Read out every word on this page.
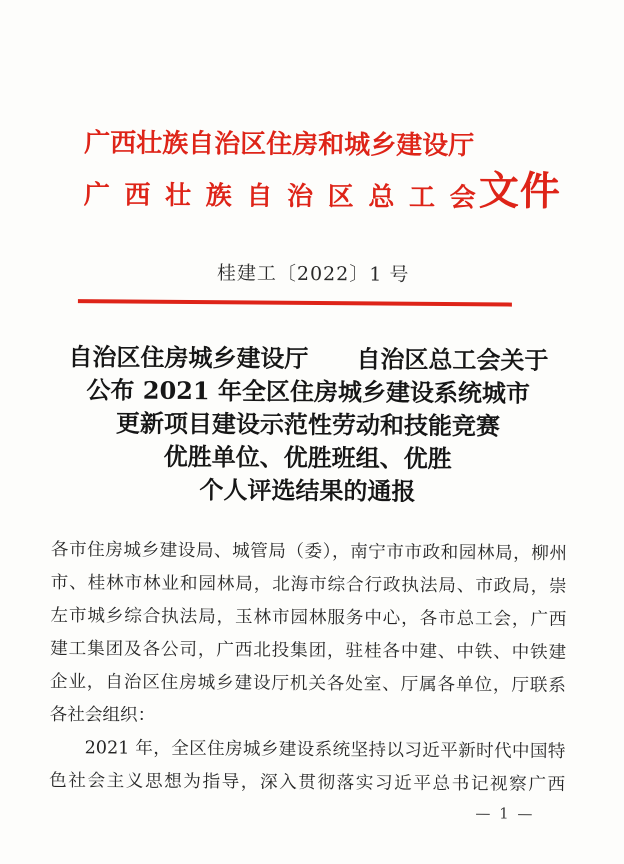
广西壮族自治区住房和城乡建设厅
广西壮族自治区总工会 文件
桂建工〔2022〕1 号
自治区住房城乡建设厅　　自治区总工会关于
公布 2021 年全区住房城乡建设系统城市
更新项目建设示范性劳动和技能竞赛
优胜单位、优胜班组、优胜
个人评选结果的通报
各市住房城乡建设局、城管局（委），南宁市市政和园林局，柳州
市、桂林市林业和园林局，北海市综合行政执法局、市政局，崇
左市城乡综合执法局，玉林市园林服务中心，各市总工会，广西
建工集团及各公司，广西北投集团，驻桂各中建、中铁、中铁建
企业，自治区住房城乡建设厅机关各处室、厅属各单位，厅联系
各社会组织：
2021 年，全区住房城乡建设系统坚持以习近平新时代中国特
色社会主义思想为指导，深入贯彻落实习近平总书记视察广西
— 1 —
